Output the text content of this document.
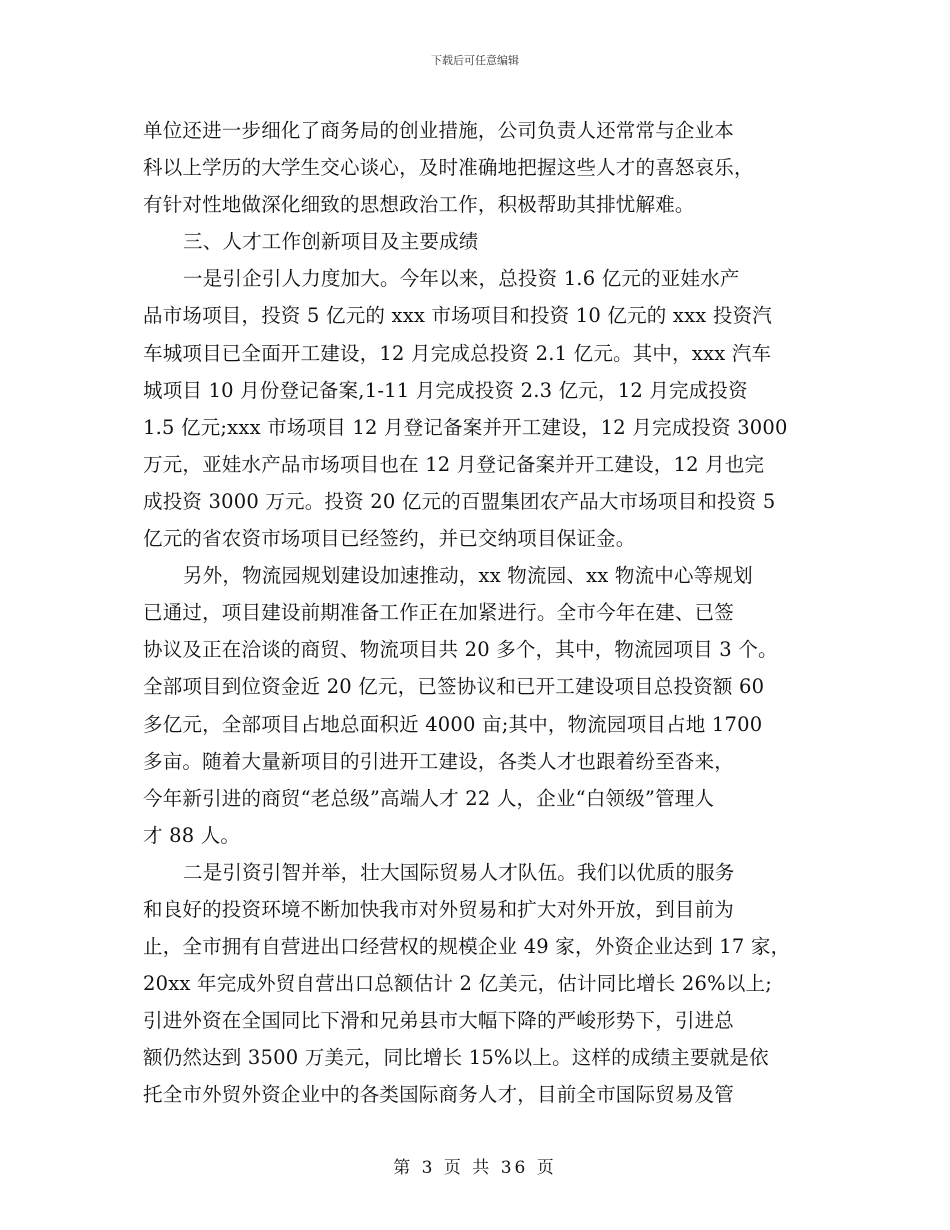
下载后可任意编辑
单位还进一步细化了商务局的创业措施，公司负责人还常常与企业本
科以上学历的大学生交心谈心，及时准确地把握这些人才的喜怒哀乐，
有针对性地做深化细致的思想政治工作，积极帮助其排忧解难。
三、人才工作创新项目及主要成绩
一是引企引人力度加大。今年以来，总投资 1.6 亿元的亚娃水产
品市场项目，投资 5 亿元的 xxx 市场项目和投资 10 亿元的 xxx 投资汽
车城项目已全面开工建设，12 月完成总投资 2.1 亿元。其中，xxx 汽车
城项目 10 月份登记备案,1-11 月完成投资 2.3 亿元，12 月完成投资
1.5 亿元;xxx 市场项目 12 月登记备案并开工建设，12 月完成投资 3000
万元，亚娃水产品市场项目也在 12 月登记备案并开工建设，12 月也完
成投资 3000 万元。投资 20 亿元的百盟集团农产品大市场项目和投资 5
亿元的省农资市场项目已经签约，并已交纳项目保证金。
另外，物流园规划建设加速推动，xx 物流园、xx 物流中心等规划
已通过，项目建设前期准备工作正在加紧进行。全市今年在建、已签
协议及正在洽谈的商贸、物流项目共 20 多个，其中，物流园项目 3 个。
全部项目到位资金近 20 亿元，已签协议和已开工建设项目总投资额 60
多亿元，全部项目占地总面积近 4000 亩;其中，物流园项目占地 1700
多亩。随着大量新项目的引进开工建设，各类人才也跟着纷至沓来，
今年新引进的商贸“老总级”高端人才 22 人，企业“白领级”管理人
才 88 人。
二是引资引智并举，壮大国际贸易人才队伍。我们以优质的服务
和良好的投资环境不断加快我市对外贸易和扩大对外开放，到目前为
止，全市拥有自营进出口经营权的规模企业 49 家，外资企业达到 17 家，
20xx 年完成外贸自营出口总额估计 2 亿美元，估计同比增长 26%以上;
引进外资在全国同比下滑和兄弟县市大幅下降的严峻形势下，引进总
额仍然达到 3500 万美元，同比增长 15%以上。这样的成绩主要就是依
托全市外贸外资企业中的各类国际商务人才，目前全市国际贸易及管
第 3 页 共 36 页
